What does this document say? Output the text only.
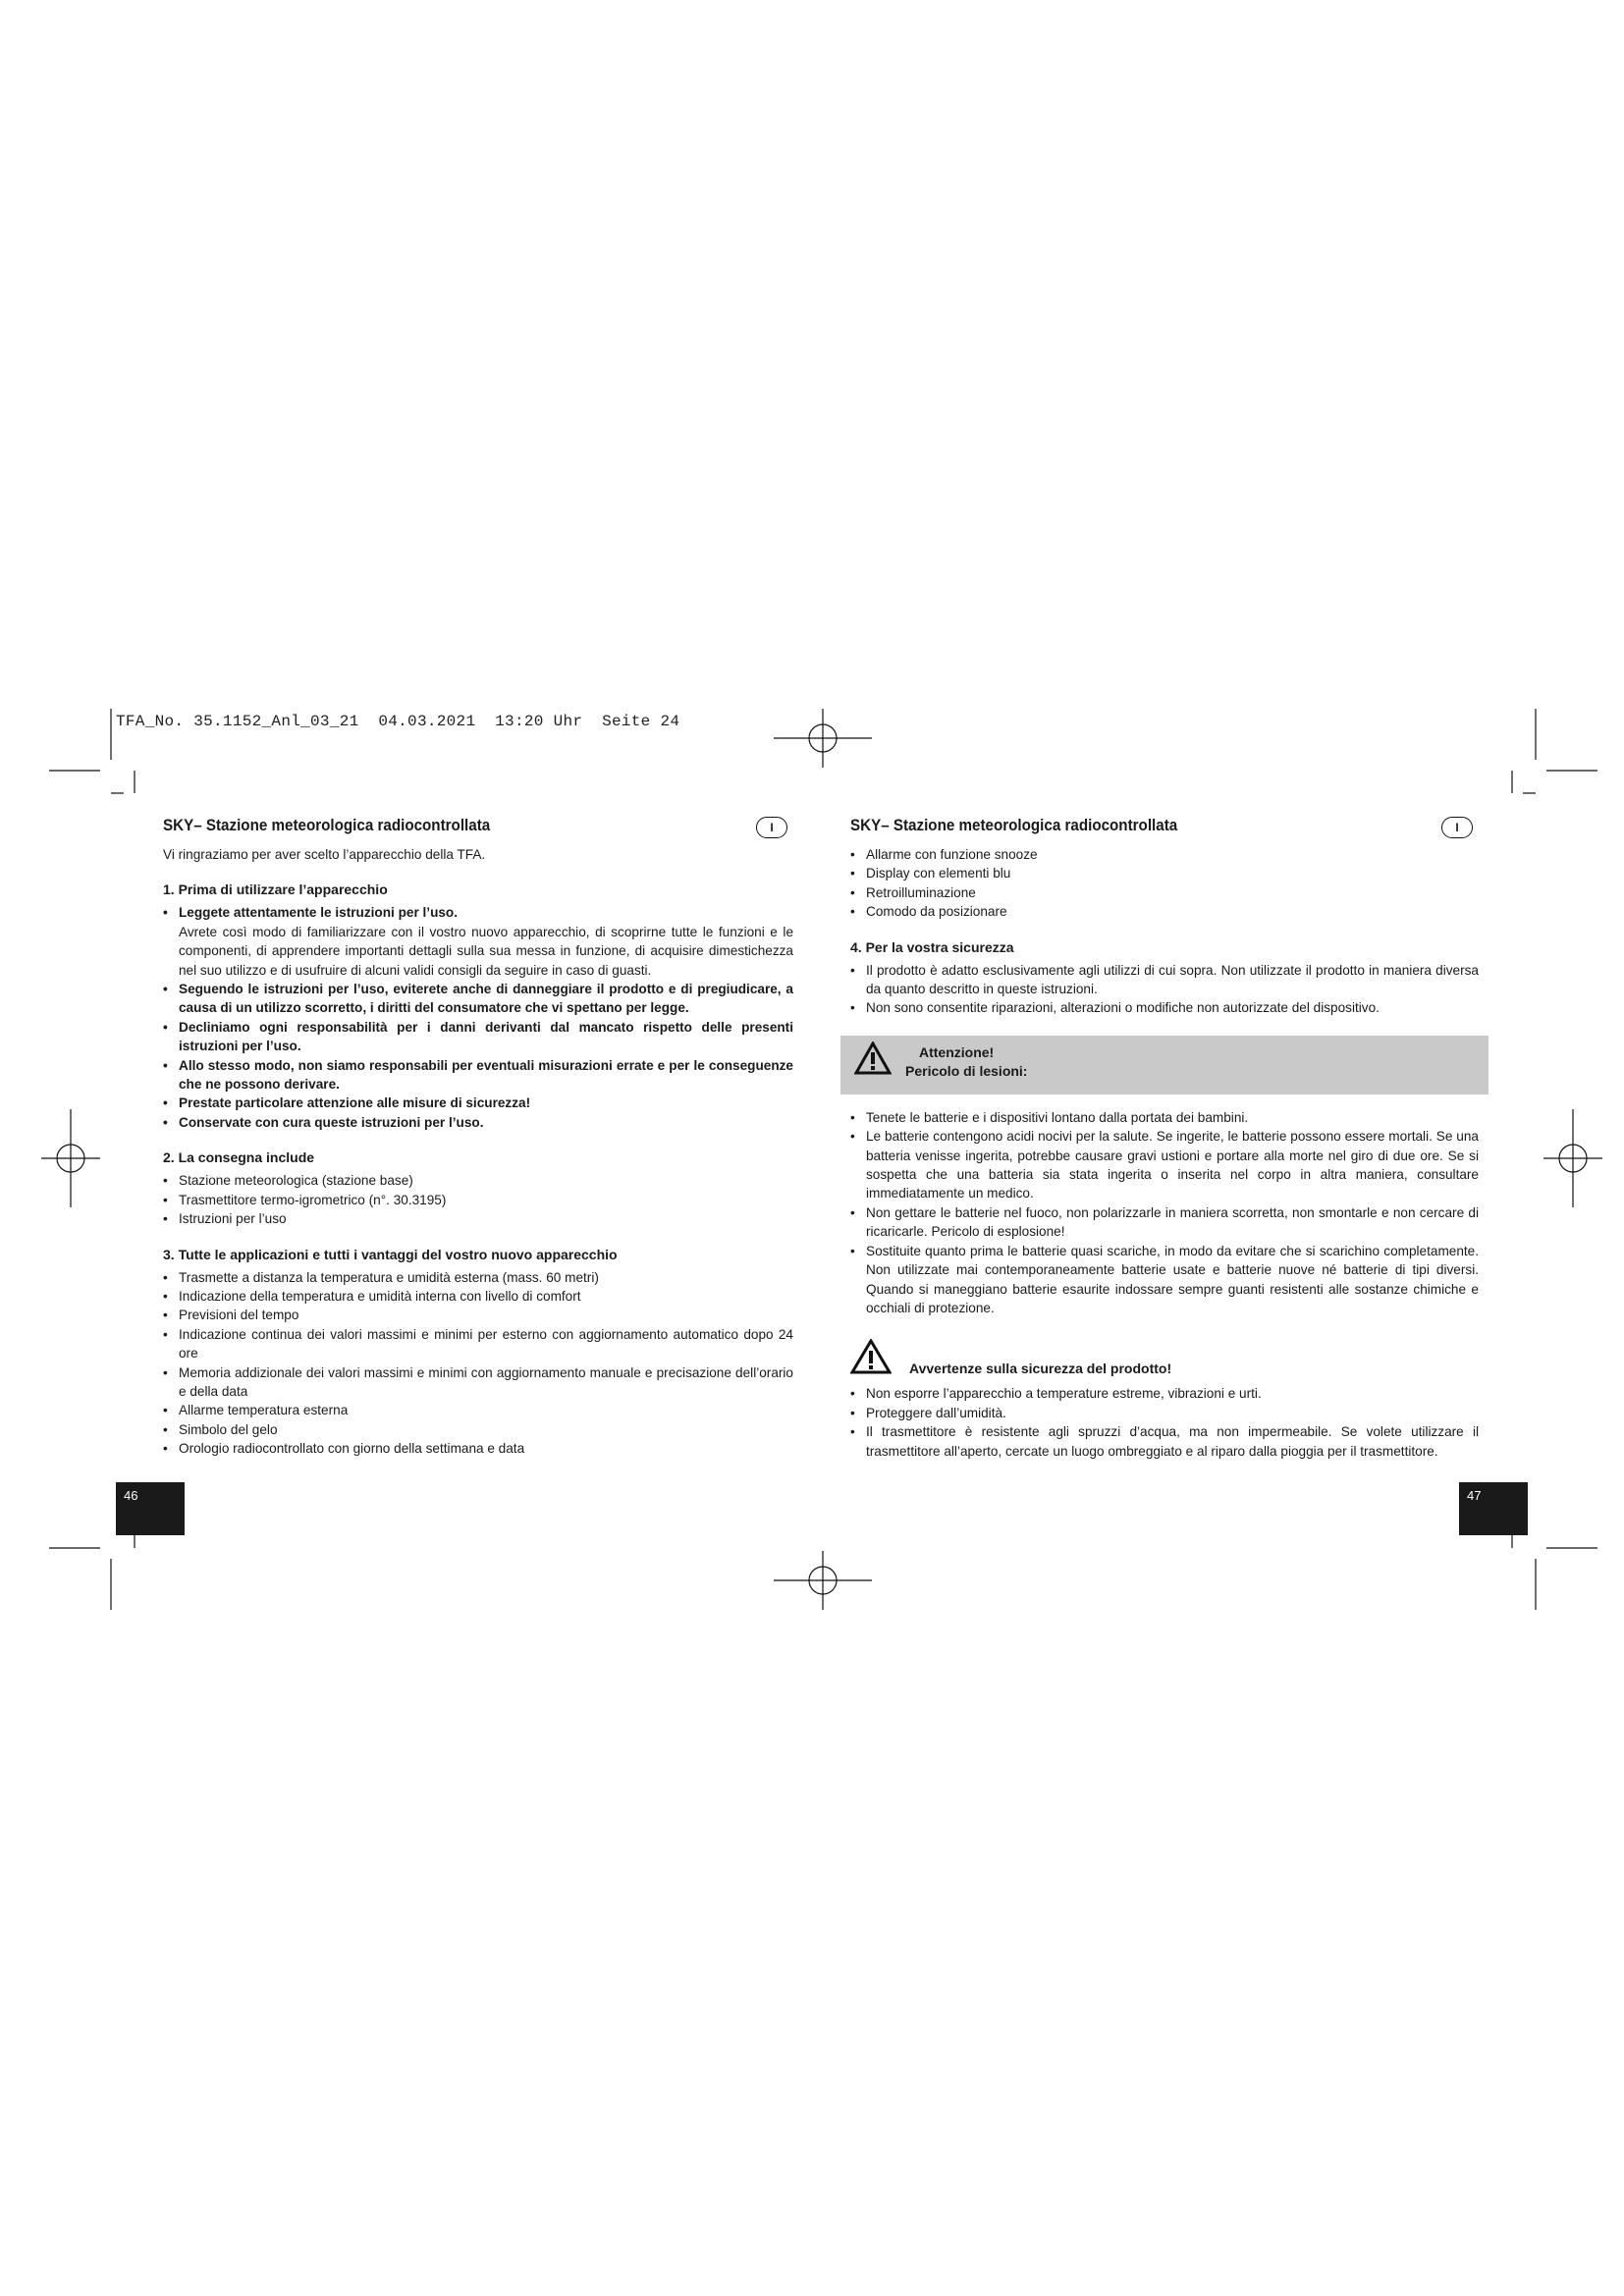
TFA_No. 35.1152_Anl_03_21  04.03.2021  13:20 Uhr  Seite 24
I	I
SKY– Stazione meteorologica radiocontrollata

Vi ringraziamo per aver scelto l’apparecchio della TFA.

1. Prima di utilizzare l’apparecchio
• Leggete attentamente le istruzioni per l’uso.

Avrete così modo di familiarizzare con il vostro nuovo apparecchio, di scoprirne tutte le funzioni e le componenti, di apprendere importanti dettagli sulla sua messa in funzione, di acquisire dimestichezza nel suo utilizzo e di usufruire di alcuni validi consigli da seguire in caso di guasti.

• Seguendo le istruzioni per l’uso, eviterete anche di danneggiare il prodotto e di pregiudicare, a causa di un utilizzo scorretto, i diritti del consumatore che vi spettano per legge.
• Decliniamo ogni responsabilità per i danni derivanti dal mancato rispetto delle presenti istruzioni per l’uso.
• Allo stesso modo, non siamo responsabili per eventuali misurazioni errate e per le conseguenze che ne possono derivare.
• Prestate particolare attenzione alle misure di sicurezza!
• Conservate con cura queste istruzioni per l’uso.
2. La consegna include
• Stazione meteorologica (stazione base)
• Trasmettitore termo-igrometrico (n°. 30.3195)
• Istruzioni per l’uso
3. Tutte le applicazioni e tutti i vantaggi del vostro nuovo apparecchio
• Trasmette a distanza la temperatura e umidità esterna (mass. 60 metri)
• Indicazione della temperatura e umidità interna con livello di comfort
• Previsioni del tempo
• Indicazione continua dei valori massimi e minimi per esterno con aggiornamento automatico dopo 24 ore
• Memoria addizionale dei valori massimi e minimi con aggiornamento manuale e precisazione dell’orario e della data
• Allarme temperatura esterna
• Simbolo del gelo
• Orologio radiocontrollato con giorno della settimana e data
46
SKY– Stazione meteorologica radiocontrollata
• Allarme con funzione snooze
• Display con elementi blu
• Retroilluminazione
• Comodo da posizionare
4. Per la vostra sicurezza
• Il prodotto è adatto esclusivamente agli utilizzi di cui sopra. Non utilizzate il prodotto in maniera diversa da quanto descritto in queste istruzioni.
• Non sono consentite riparazioni, alterazioni o modifiche non autorizzate del dispositivo.
Attenzione!
Pericolo di lesioni:
• Tenete le batterie e i dispositivi lontano dalla portata dei bambini.
• Le batterie contengono acidi nocivi per la salute. Se ingerite, le batterie possono essere mortali. Se una batteria venisse ingerita, potrebbe causare gravi ustioni e portare alla morte nel giro di due ore. Se si sospetta che una batteria sia stata ingerita o inserita nel corpo in altra maniera, consultare immediatamente un medico.
• Non gettare le batterie nel fuoco, non polarizzarle in maniera scorretta, non smontarle e non cercare di ricaricarle. Pericolo di esplosione!
• Sostituite quanto prima le batterie quasi scariche, in modo da evitare che si scarichino completamente. Non utilizzate mai contemporaneamente batterie usate e batterie nuove né batterie di tipi diversi. Quando si maneggiano batterie esaurite indossare sempre guanti resistenti alle sostanze chimiche e occhiali di protezione.
Avvertenze sulla sicurezza del prodotto!
• Non esporre l’apparecchio a temperature estreme, vibrazioni e urti.
• Proteggere dall’umidità.
• Il trasmettitore è resistente agli spruzzi d’acqua, ma non impermeabile. Se volete utilizzare il trasmettitore all’aperto, cercate un luogo ombreggiato e al riparo dalla pioggia per il trasmettitore.
47
